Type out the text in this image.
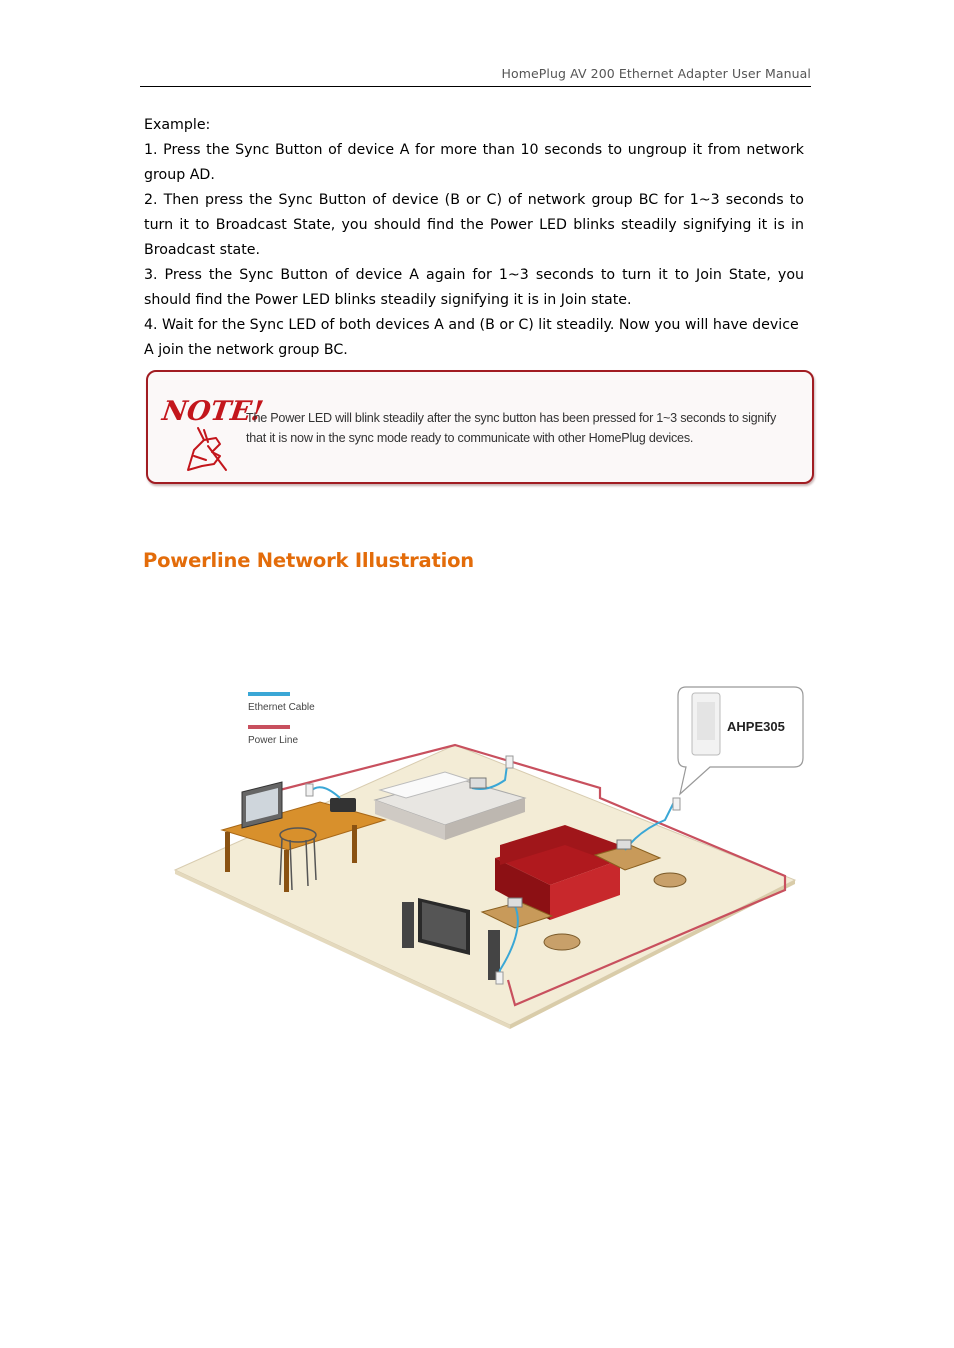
HomePlug AV 200 Ethernet Adapter User Manual

Example:

1. Press the Sync Button of device A for more than 10 seconds to ungroup it from network group AD.

2. Then press the Sync Button of device (B or C) of network group BC for 1~3 seconds to turn it to Broadcast State, you should find the Power LED blinks steadily signifying it is in Broadcast state.

3. Press the Sync Button of device A again for 1~3 seconds to turn it to Join State, you should find the Power LED blinks steadily signifying it is in Join state.

4. Wait for the Sync LED of both devices A and (B or C) lit steadily. Now you will have device A join the network group BC.

NOTE!
The Power LED will blink steadily after the sync button has been pressed for 1~3 seconds to signify that it is now in the sync mode ready to communicate with other HomePlug devices.
Powerline Network Illustration
Ethernet Cable
Power Line
AHPE305
